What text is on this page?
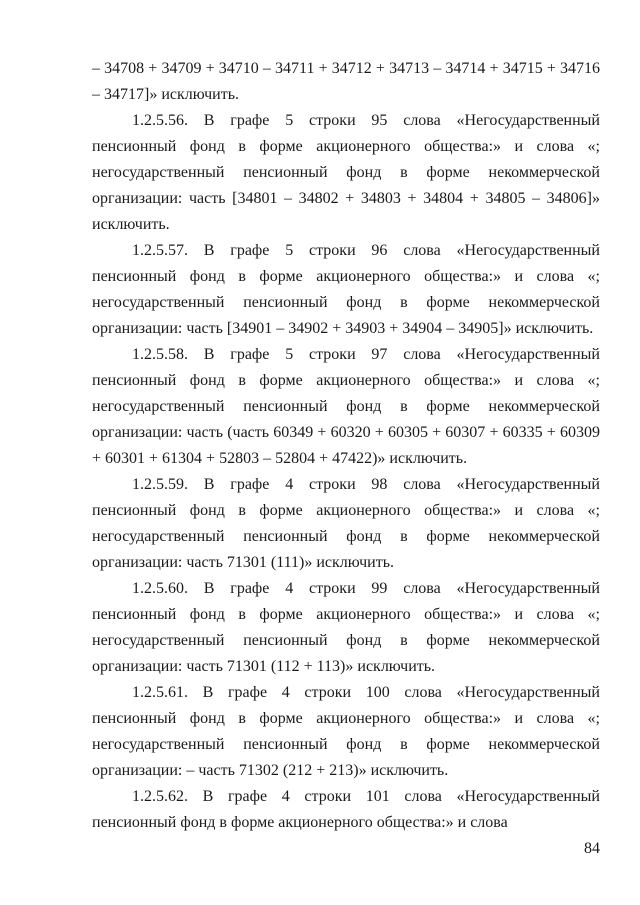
– 34708 + 34709 + 34710 – 34711 + 34712 + 34713 – 34714 + 34715 + 34716 – 34717]» исключить.

1.2.5.56. В графе 5 строки 95 слова «Негосударственный пенсионный фонд в форме акционерного общества:» и слова «; негосударственный пенсионный фонд в форме некоммерческой организации: часть [34801 – 34802 + 34803 + 34804 + 34805 – 34806]» исключить.

1.2.5.57. В графе 5 строки 96 слова «Негосударственный пенсионный фонд в форме акционерного общества:» и слова «; негосударственный пенсионный фонд в форме некоммерческой организации: часть [34901 – 34902 + 34903 + 34904 – 34905]» исключить.

1.2.5.58. В графе 5 строки 97 слова «Негосударственный пенсионный фонд в форме акционерного общества:» и слова «; негосударственный пенсионный фонд в форме некоммерческой организации: часть (часть 60349 + 60320 + 60305 + 60307 + 60335 + 60309 + 60301 + 61304 + 52803 – 52804 + 47422)» исключить.

1.2.5.59. В графе 4 строки 98 слова «Негосударственный пенсионный фонд в форме акционерного общества:» и слова «; негосударственный пенсионный фонд в форме некоммерческой организации: часть 71301 (111)» исключить.

1.2.5.60. В графе 4 строки 99 слова «Негосударственный пенсионный фонд в форме акционерного общества:» и слова «; негосударственный пенсионный фонд в форме некоммерческой организации: часть 71301 (112 + 113)» исключить.

1.2.5.61. В графе 4 строки 100 слова «Негосударственный пенсионный фонд в форме акционерного общества:» и слова «; негосударственный пенсионный фонд в форме некоммерческой организации: – часть 71302 (212 + 213)» исключить.

1.2.5.62. В графе 4 строки 101 слова «Негосударственный пенсионный фонд в форме акционерного общества:» и слова

84
